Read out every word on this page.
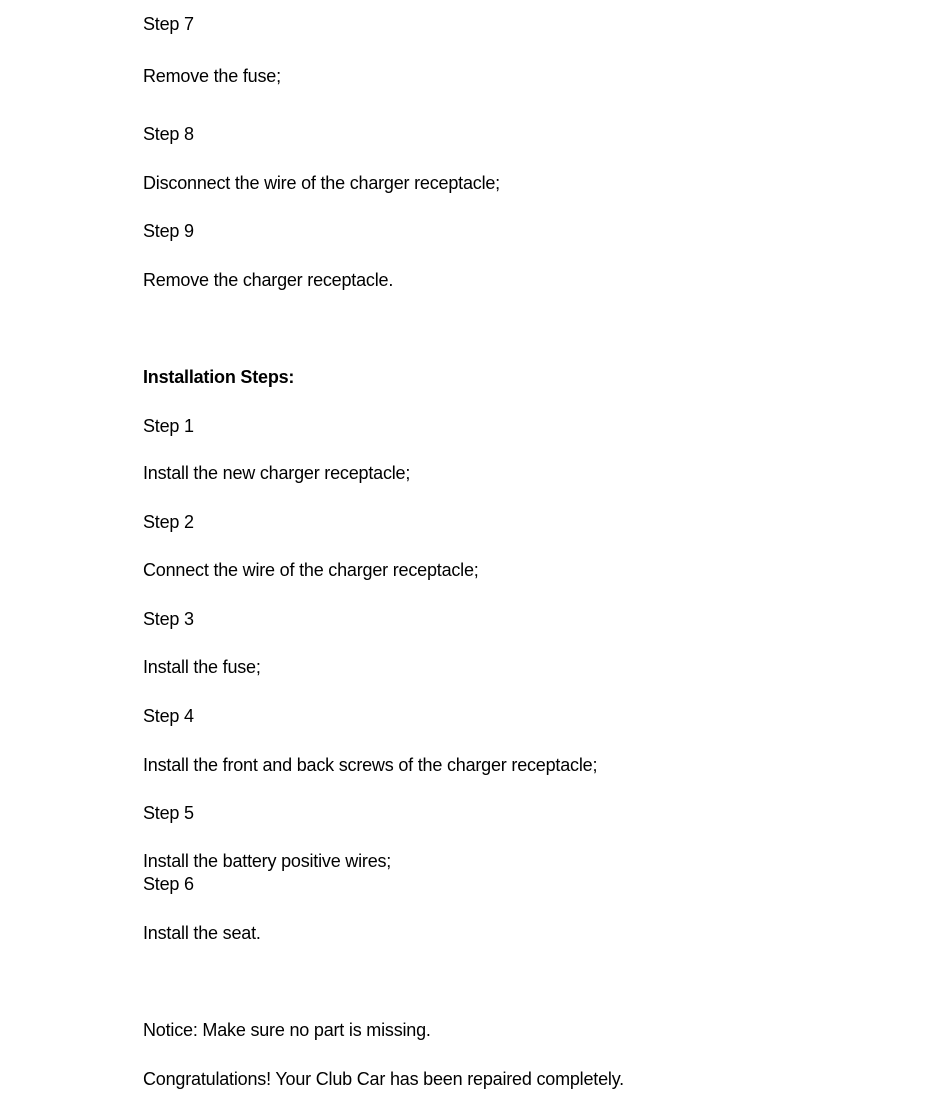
Step 7
Remove the fuse;
Step 8
Disconnect the wire of the charger receptacle;
Step 9
Remove the charger receptacle.
Installation Steps:
Step 1
Install the new charger receptacle;
Step 2
Connect the wire of the charger receptacle;
Step 3
Install the fuse;
Step 4
Install the front and back screws of the charger receptacle;
Step 5
Install the battery positive wires;
Step 6
Install the seat.
Notice: Make sure no part is missing.
Congratulations! Your Club Car has been repaired completely.
